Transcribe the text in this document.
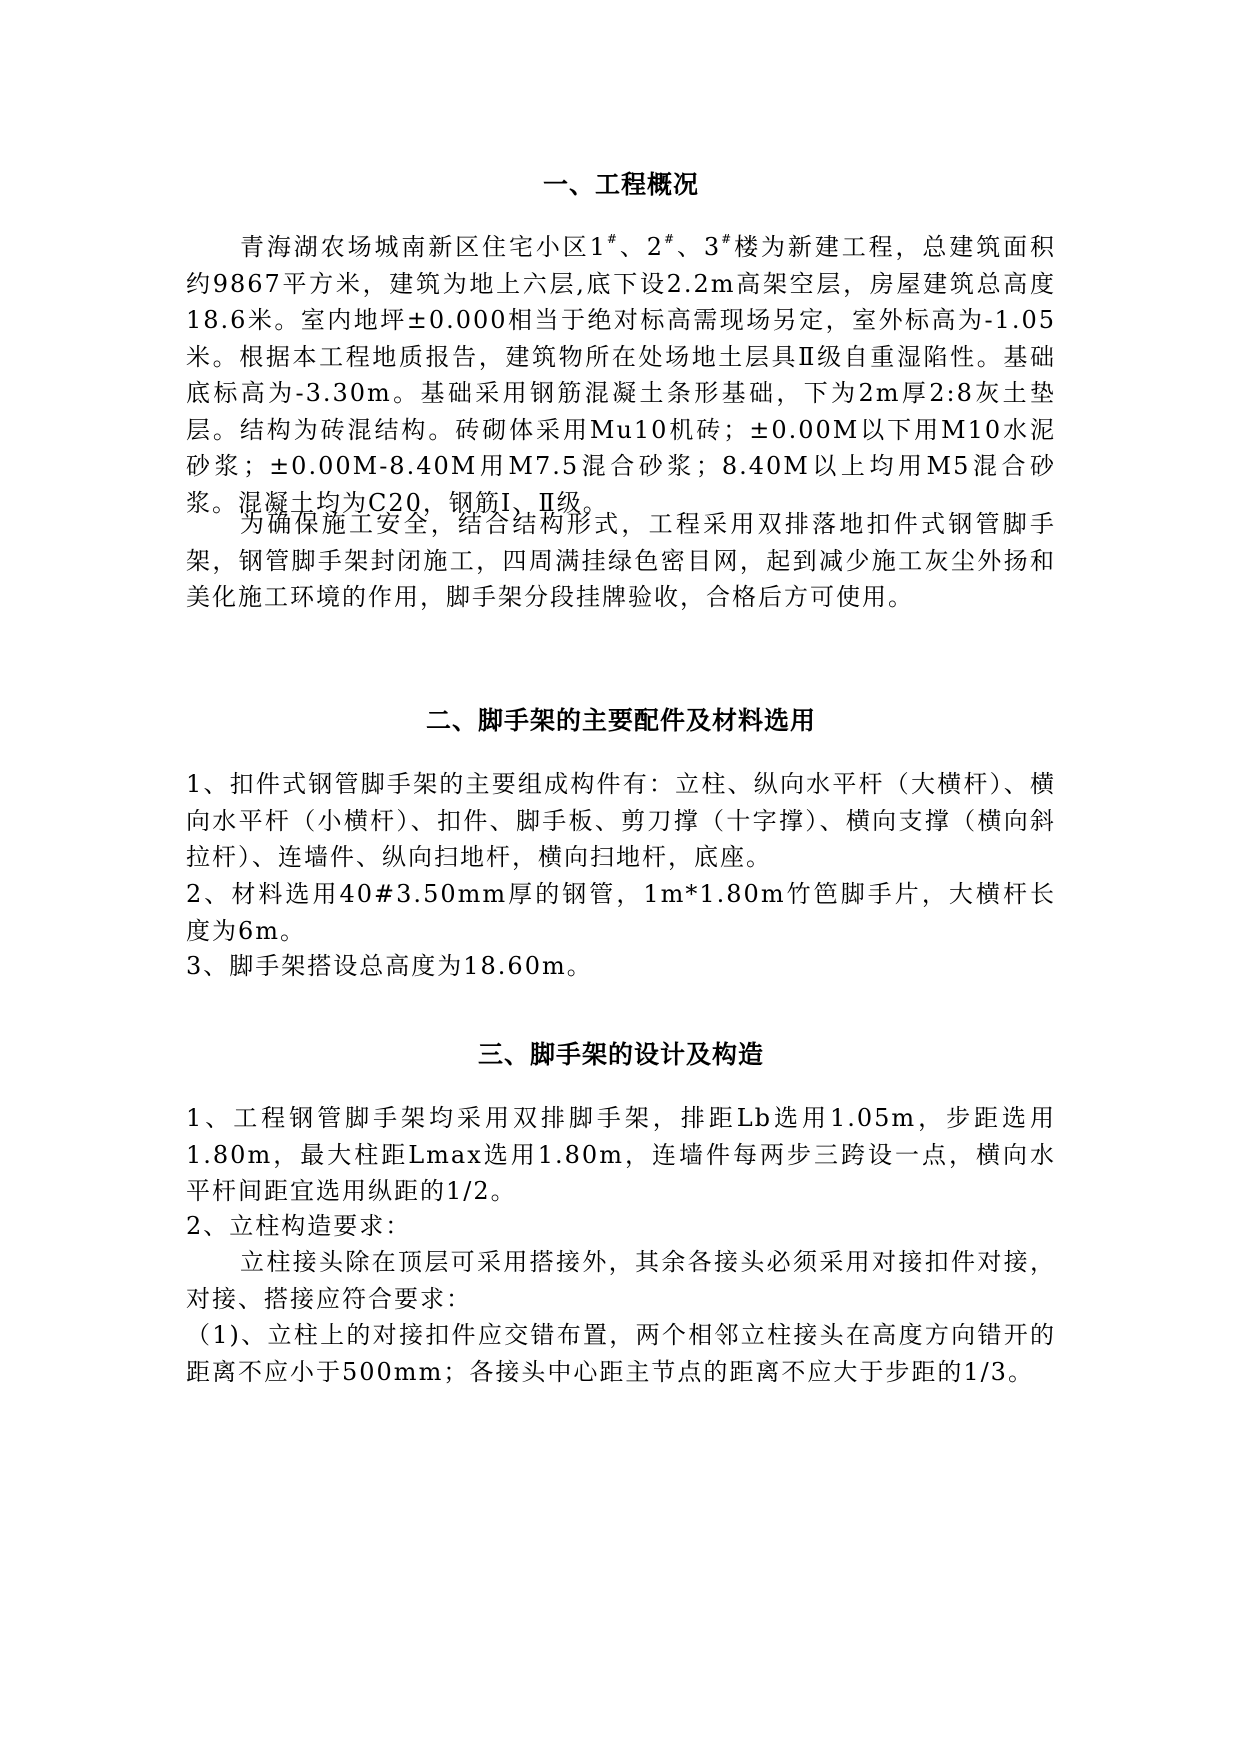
一、工程概况
青海湖农场城南新区住宅小区1#、2#、3#楼为新建工程，总建筑面积约9867平方米，建筑为地上六层,底下设2.2m高架空层，房屋建筑总高度18.6米。室内地坪±0.000相当于绝对标高需现场另定，室外标高为-1.05米。根据本工程地质报告，建筑物所在处场地土层具Ⅱ级自重湿陷性。基础底标高为-3.30m。基础采用钢筋混凝土条形基础，下为2m厚2:8灰土垫层。结构为砖混结构。砖砌体采用Mu10机砖；±0.00M以下用M10水泥砂浆；±0.00M-8.40M用M7.5混合砂浆；8.40M以上均用M5混合砂浆。混凝土均为C20，钢筋Ⅰ、Ⅱ级。
为确保施工安全，结合结构形式，工程采用双排落地扣件式钢管脚手架，钢管脚手架封闭施工，四周满挂绿色密目网，起到减少施工灰尘外扬和美化施工环境的作用，脚手架分段挂牌验收，合格后方可使用。
二、脚手架的主要配件及材料选用
1、扣件式钢管脚手架的主要组成构件有：立柱、纵向水平杆（大横杆）、横向水平杆（小横杆）、扣件、脚手板、剪刀撑（十字撑）、横向支撑（横向斜拉杆）、连墙件、纵向扫地杆，横向扫地杆，底座。
2、材料选用40#3.50mm厚的钢管，1m*1.80m竹笆脚手片，大横杆长度为6m。
3、脚手架搭设总高度为18.60m。
三、脚手架的设计及构造
1、工程钢管脚手架均采用双排脚手架，排距Lb选用1.05m，步距选用1.80m，最大柱距Lmax选用1.80m，连墙件每两步三跨设一点，横向水平杆间距宜选用纵距的1/2。
2、立柱构造要求：
立柱接头除在顶层可采用搭接外，其余各接头必须采用对接扣件对接，对接、搭接应符合要求：
（1)、立柱上的对接扣件应交错布置，两个相邻立柱接头在高度方向错开的距离不应小于500mm；各接头中心距主节点的距离不应大于步距的1/3。
